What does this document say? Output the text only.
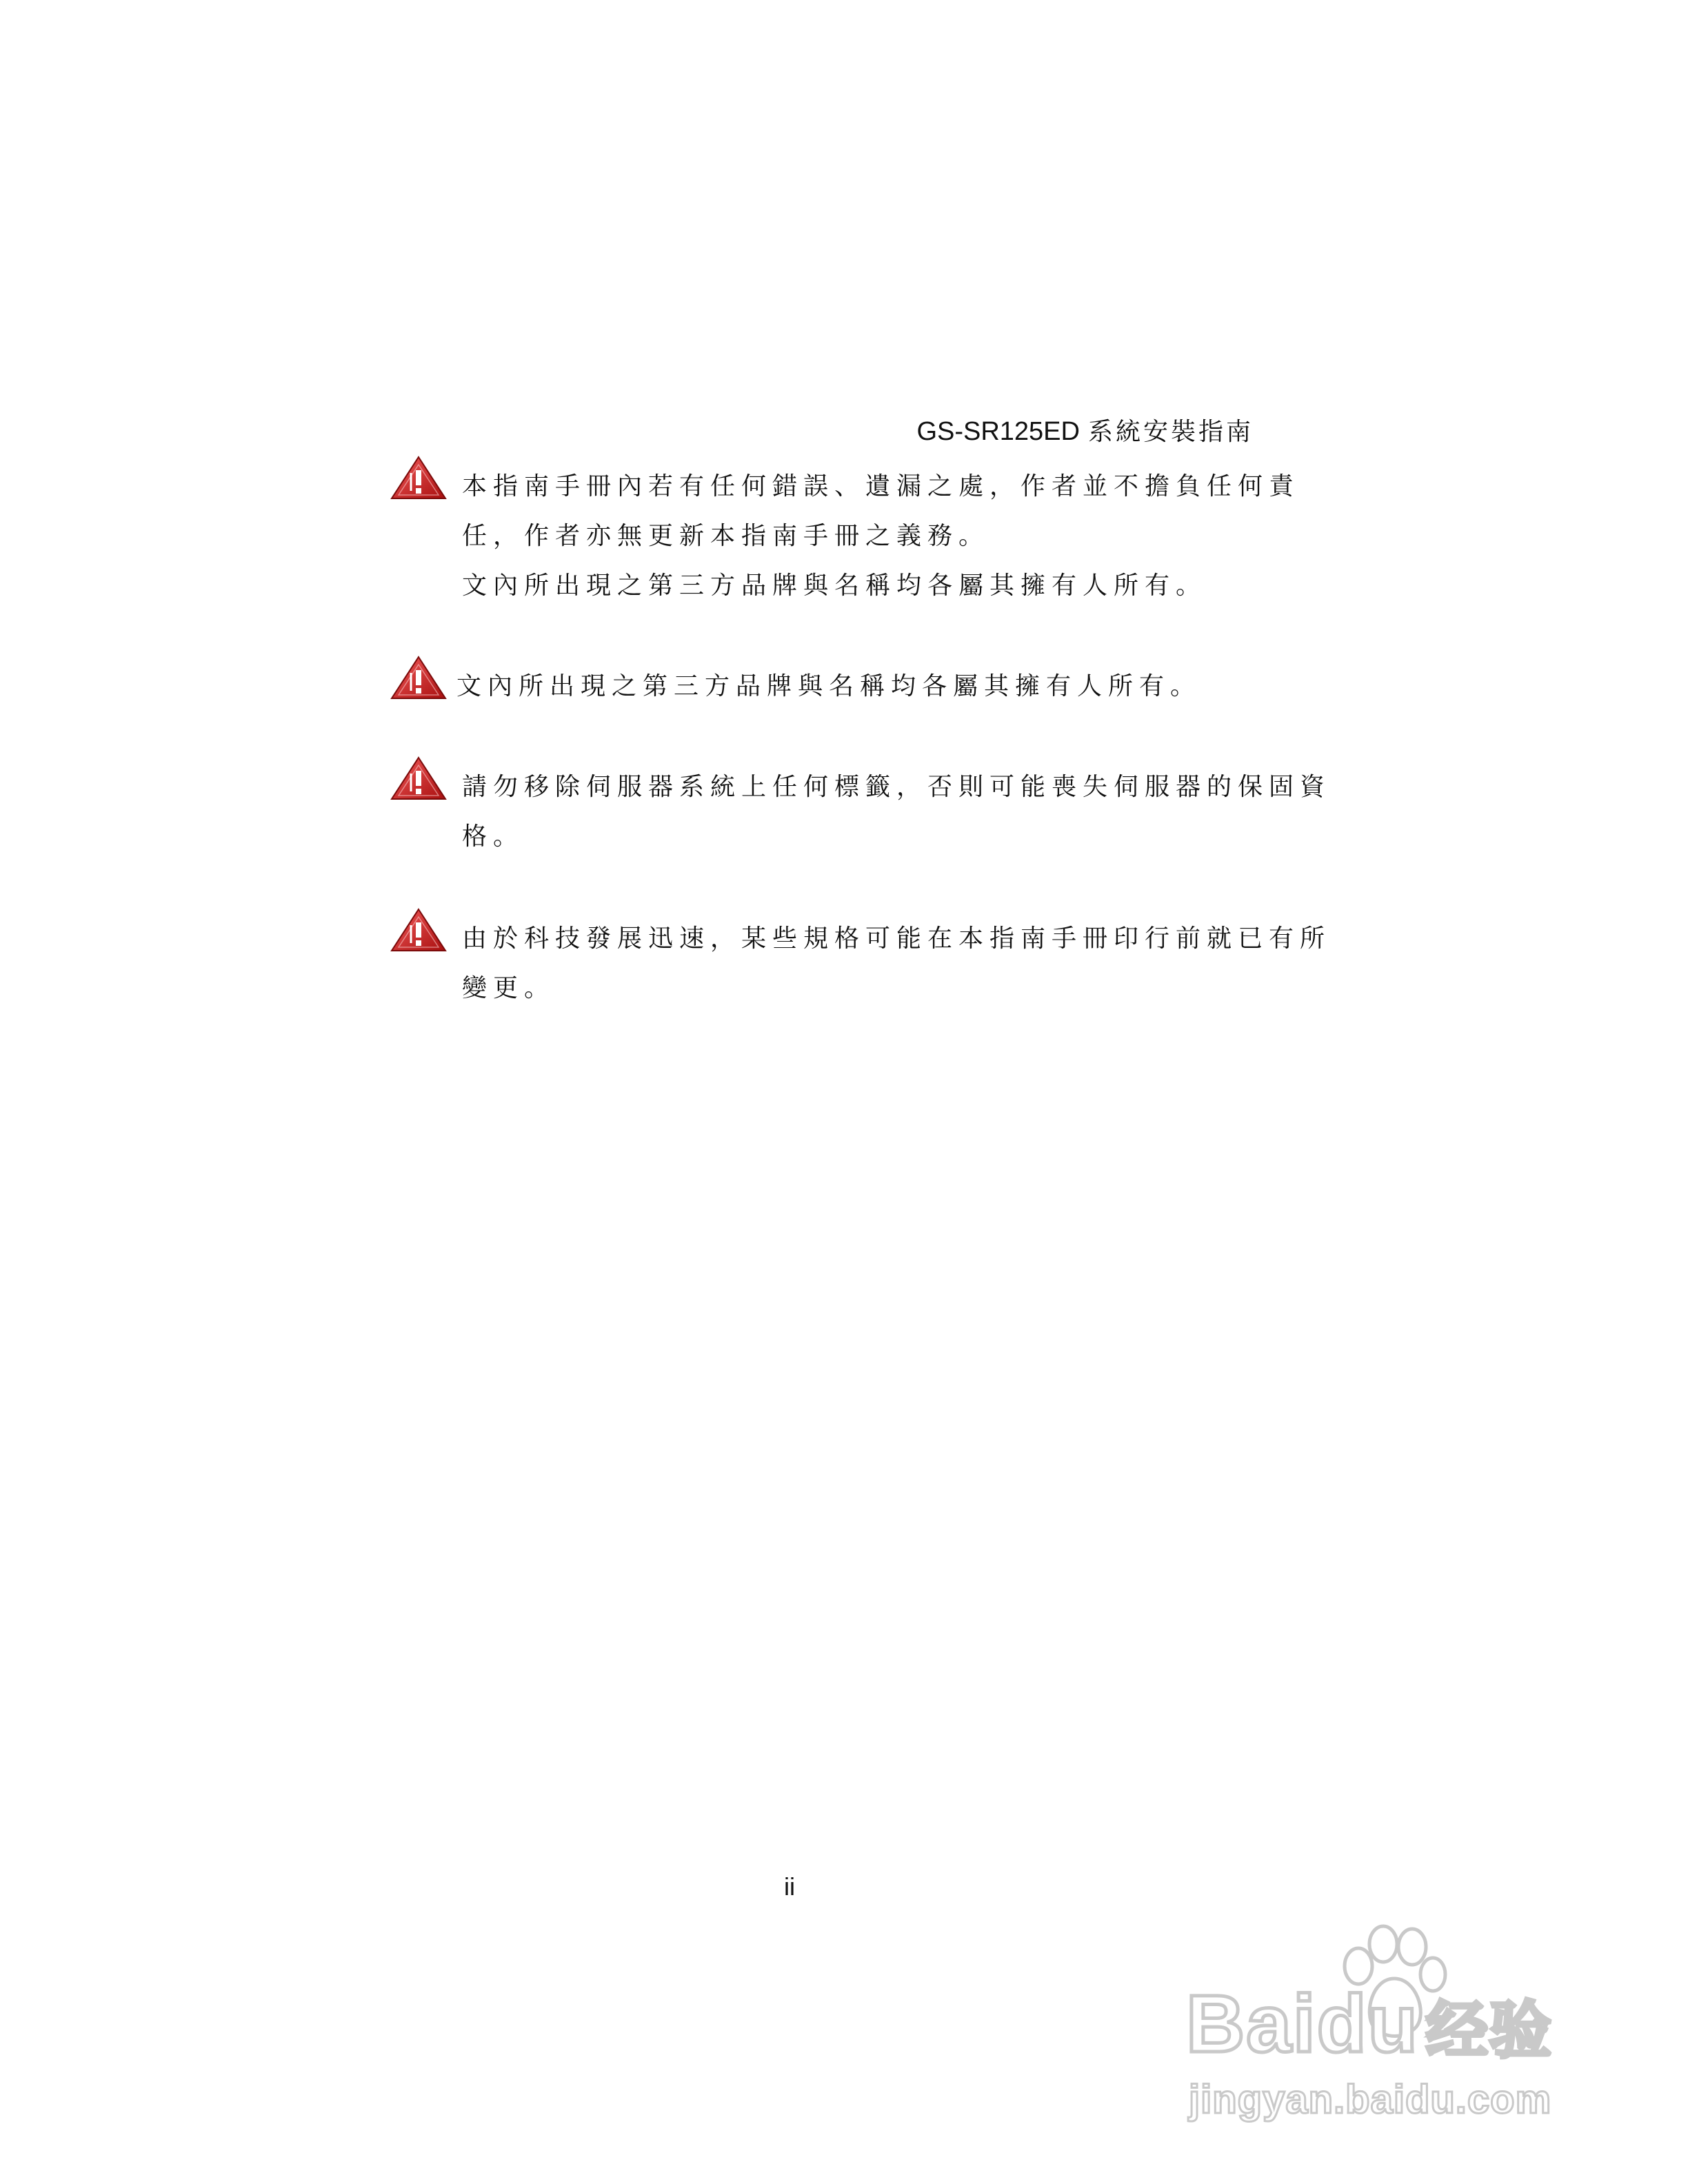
GS-SR125ED 系統安裝指南
本指南手冊內若有任何錯誤、遺漏之處，作者並不擔負任何責
任，作者亦無更新本指南手冊之義務。
文內所出現之第三方品牌與名稱均各屬其擁有人所有。
文內所出現之第三方品牌與名稱均各屬其擁有人所有。
請勿移除伺服器系統上任何標籤，否則可能喪失伺服器的保固資
格。
由於科技發展迅速，某些規格可能在本指南手冊印行前就已有所
變更。
ii
Bai du 经验
jingyan.baidu.com
